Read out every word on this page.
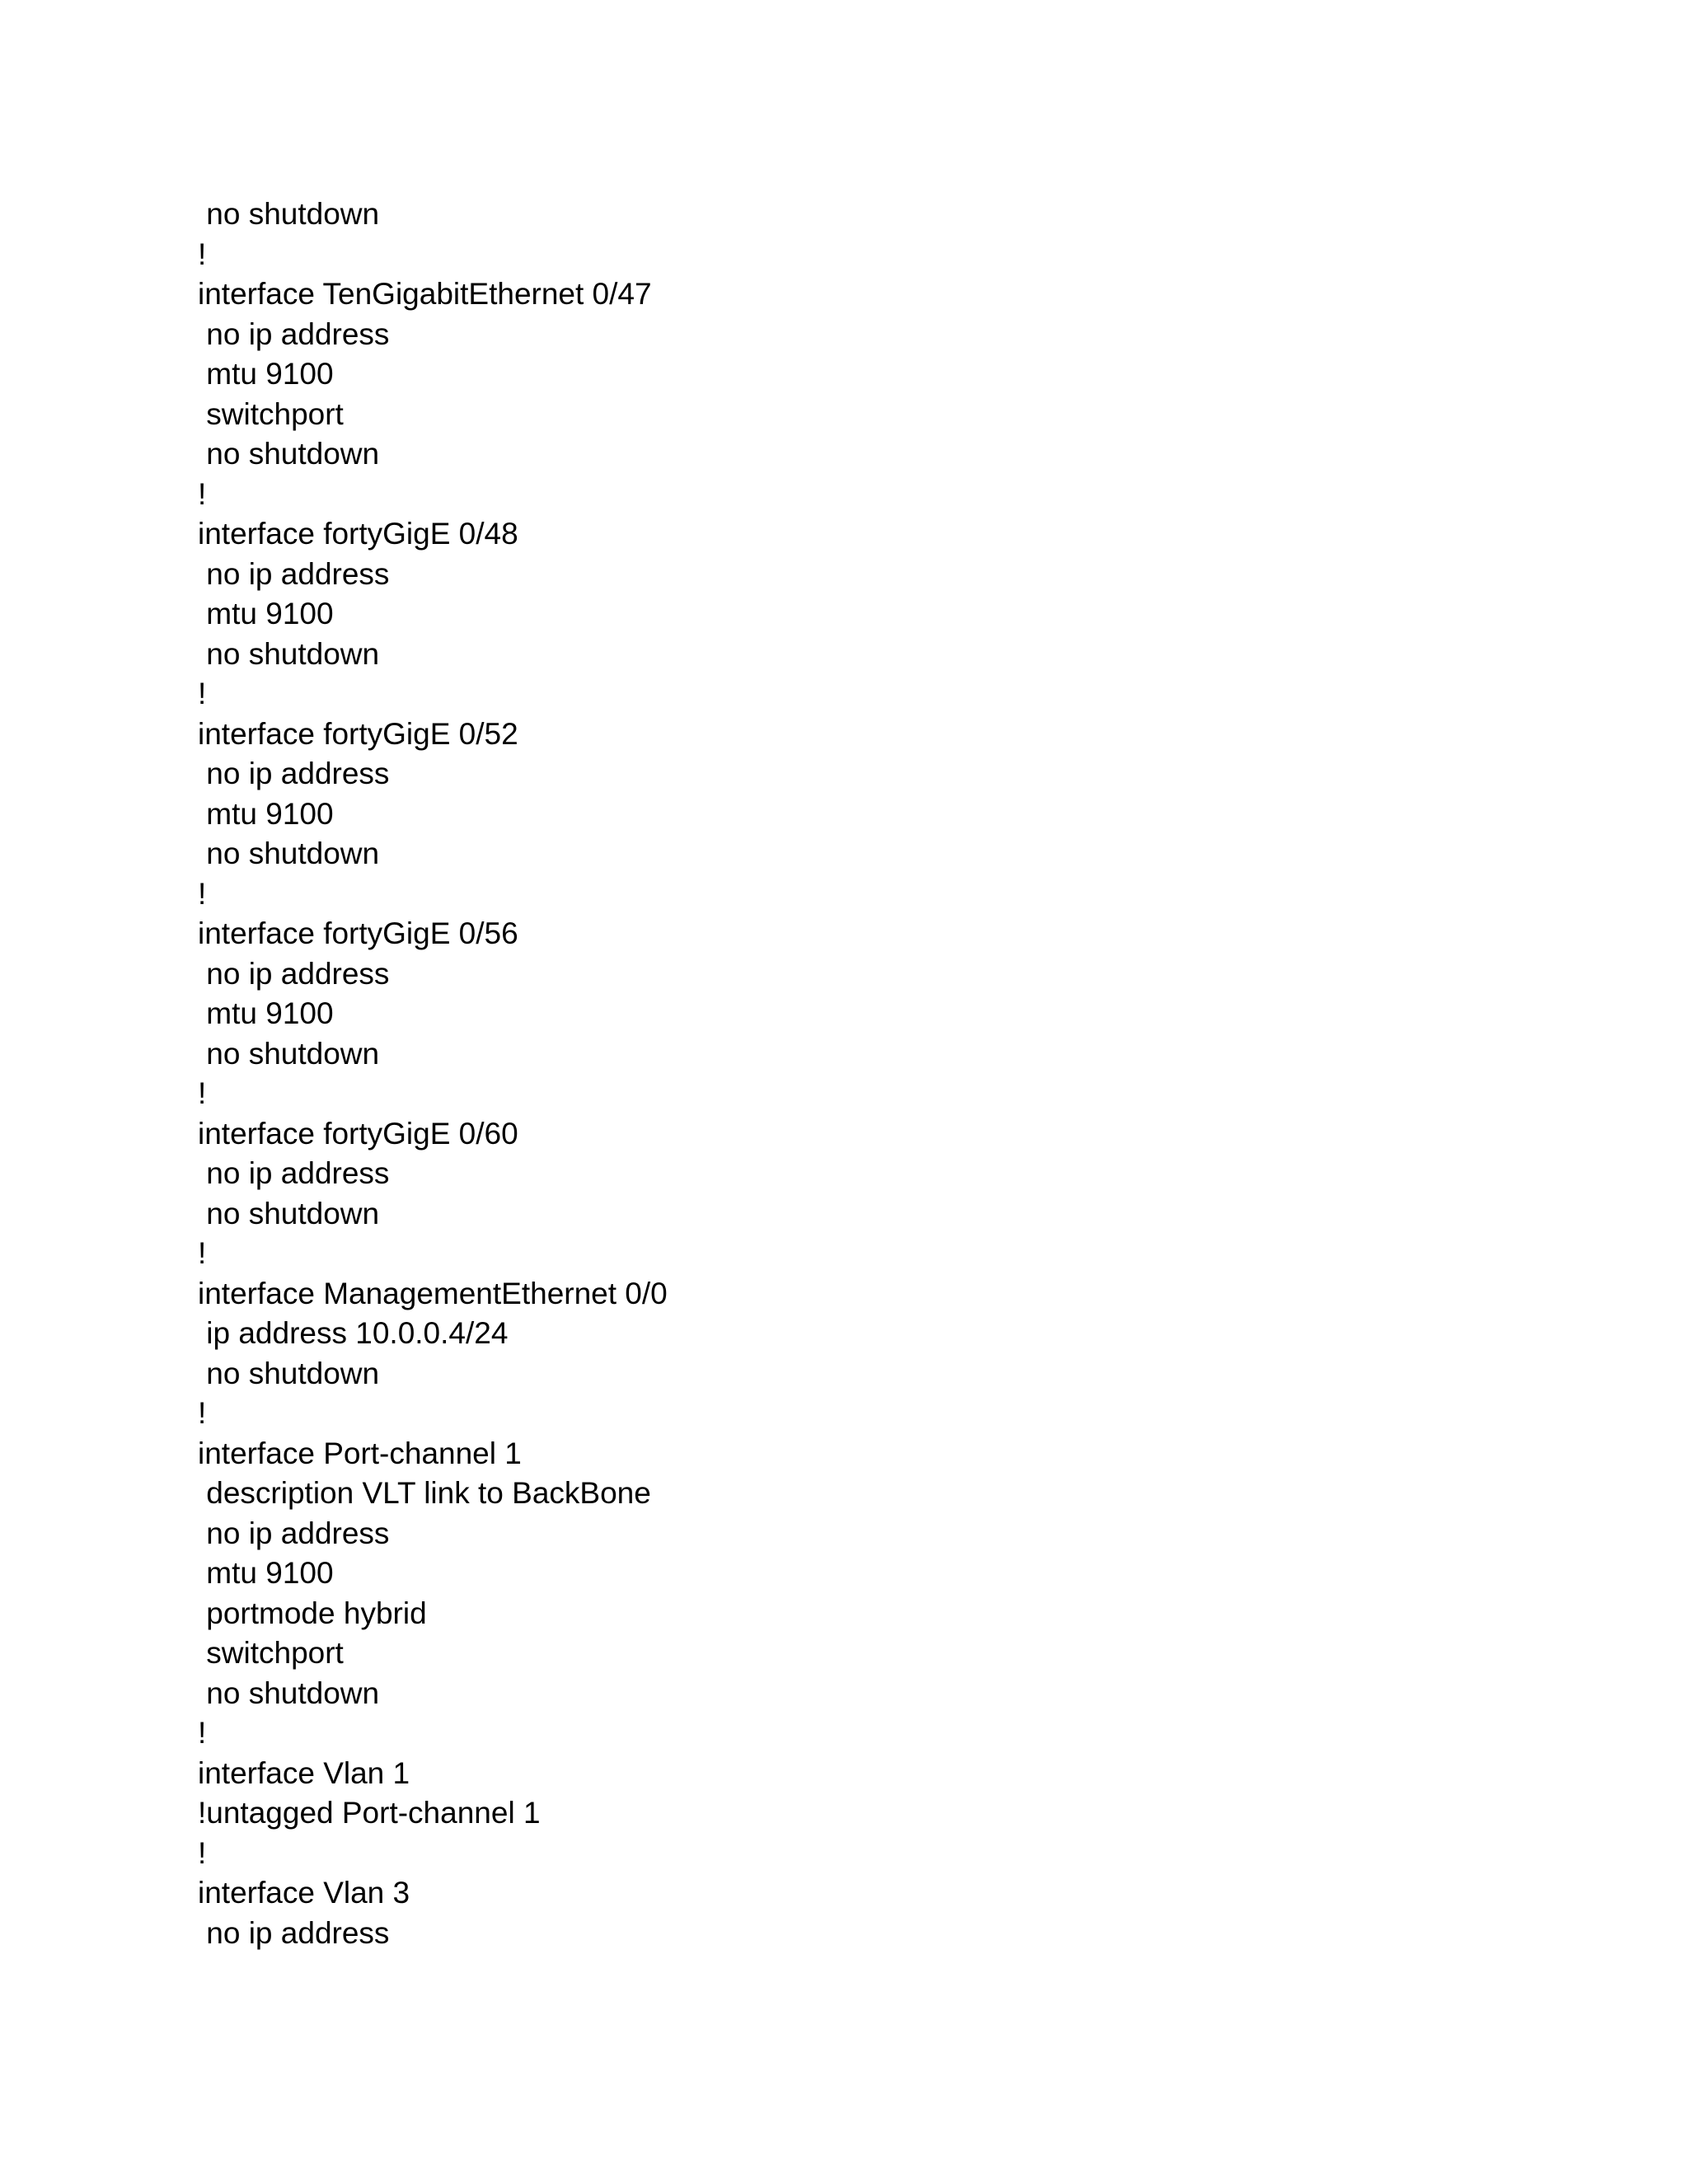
no shutdown
!
interface TenGigabitEthernet 0/47
no ip address
mtu 9100
switchport
no shutdown
!
interface fortyGigE 0/48
no ip address
mtu 9100
no shutdown
!
interface fortyGigE 0/52
no ip address
mtu 9100
no shutdown
!
interface fortyGigE 0/56
no ip address
mtu 9100
no shutdown
!
interface fortyGigE 0/60
no ip address
no shutdown
!
interface ManagementEthernet 0/0
ip address 10.0.0.4/24
no shutdown
!
interface Port-channel 1
description VLT link to BackBone
no ip address
mtu 9100
portmode hybrid
switchport
no shutdown
!
interface Vlan 1
!untagged Port-channel 1
!
interface Vlan 3
no ip address
